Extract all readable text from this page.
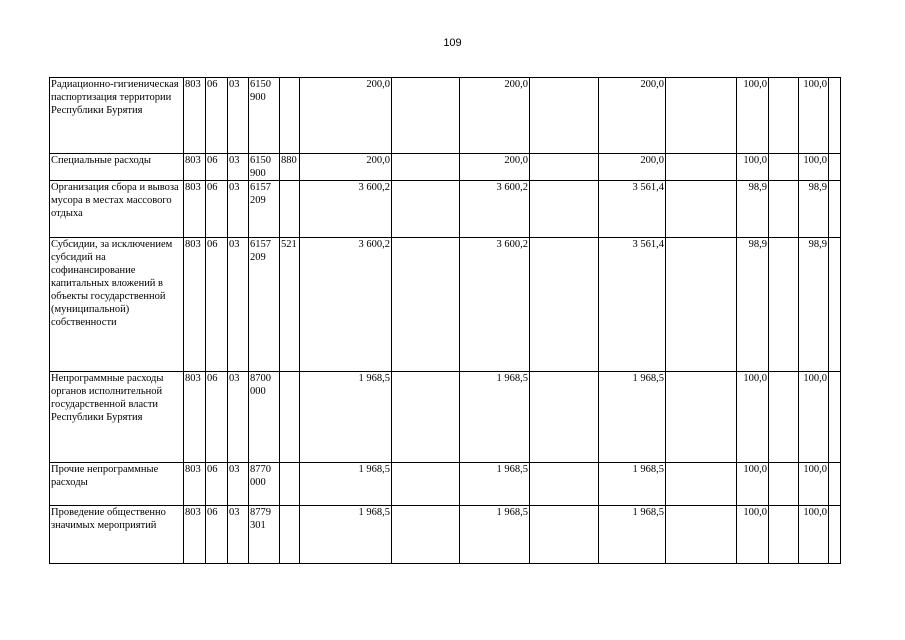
109
Радиационно-гигиеническая паспортизация территории Республики Бурятия	803	06	03	6150 900		200,0		200,0		200,0		100,0		100,0	
Специальные расходы	803	06	03	6150 900	880	200,0		200,0		200,0		100,0		100,0	
Организация сбора и вывоза мусора в местах массового отдыха	803	06	03	6157 209		3 600,2		3 600,2		3 561,4		98,9		98,9	
Субсидии, за исключением субсидий на софинансирование капитальных вложений в объекты государственной (муниципальной) собственности	803	06	03	6157 209	521	3 600,2		3 600,2		3 561,4		98,9		98,9	
Непрограммные расходы органов исполнительной государственной власти Республики Бурятия	803	06	03	8700 000		1 968,5		1 968,5		1 968,5		100,0		100,0	
Прочие непрограммные расходы	803	06	03	8770 000		1 968,5		1 968,5		1 968,5		100,0		100,0	
Проведение общественно значимых мероприятий	803	06	03	8779 301		1 968,5		1 968,5		1 968,5		100,0		100,0	
